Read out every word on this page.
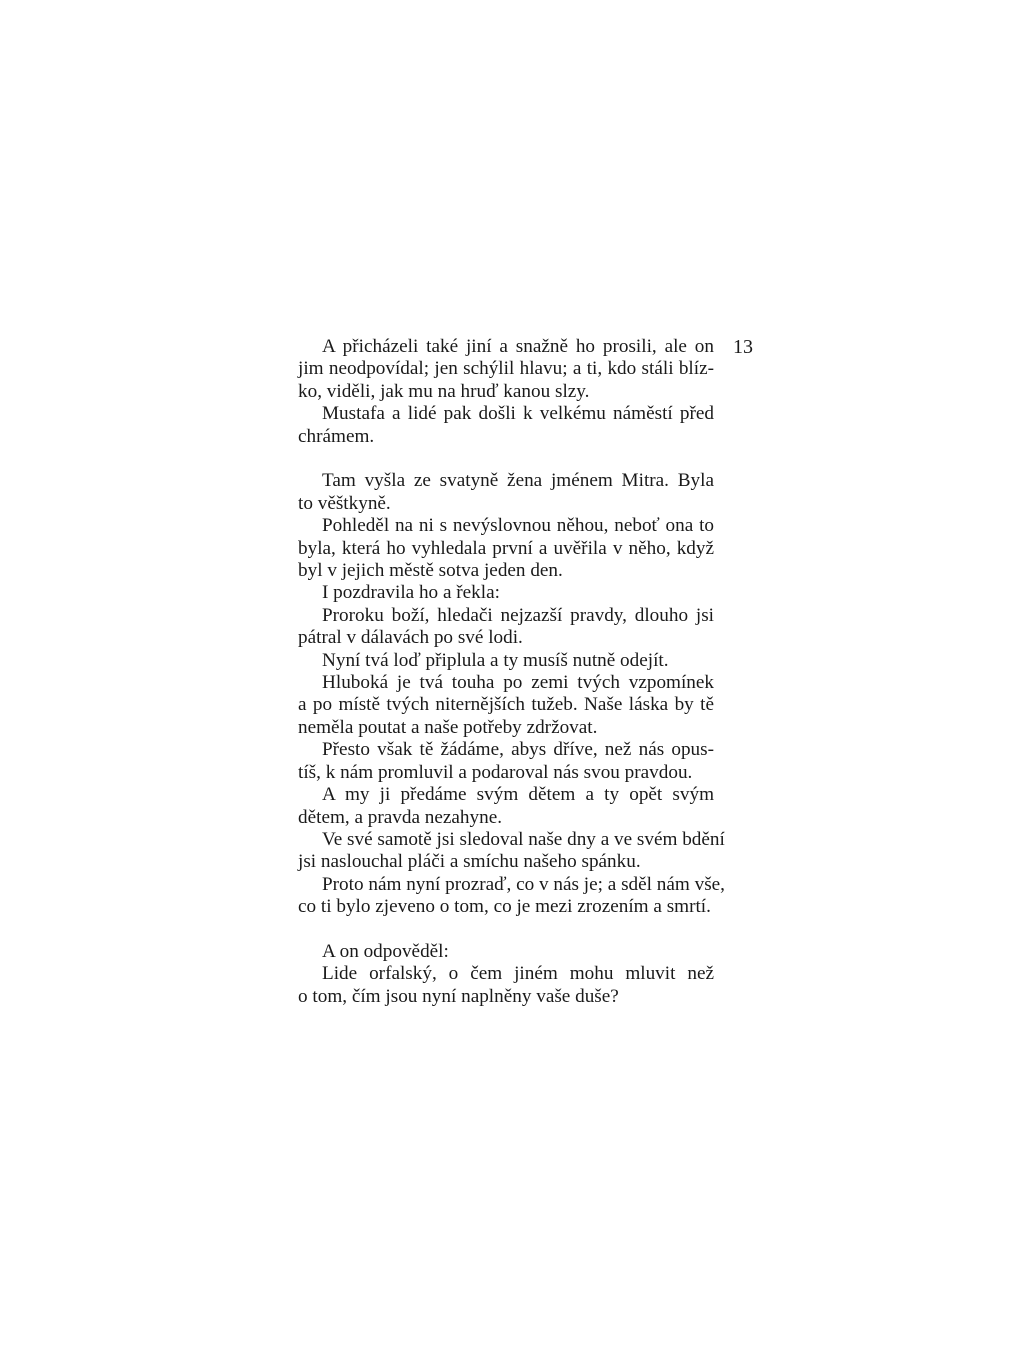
13

A přicházeli také jiní a snažně ho prosili, ale on
jim neodpovídal; jen schýlil hlavu; a ti, kdo stáli blíz-
ko, viděli, jak mu na hruď kanou slzy.

Mustafa a lidé pak došli k velkému náměstí před
chrámem.

Tam vyšla ze svatyně žena jménem Mitra. Byla
to věštkyně.

Pohleděl na ni s nevýslovnou něhou, neboť ona to
byla, která ho vyhledala první a uvěřila v něho, když
byl v jejich městě sotva jeden den.

I pozdravila ho a řekla:

Proroku boží, hledači nejzazší pravdy, dlouho jsi
pátral v dálavách po své lodi.

Nyní tvá loď připlula a ty musíš nutně odejít.

Hluboká je tvá touha po zemi tvých vzpomínek
a po místě tvých niternějších tužeb. Naše láska by tě
neměla poutat a naše potřeby zdržovat.

Přesto však tě žádáme, abys dříve, než nás opus-
tíš, k nám promluvil a podaroval nás svou pravdou.

A my ji předáme svým dětem a ty opět svým
dětem, a pravda nezahyne.

Ve své samotě jsi sledoval naše dny a ve svém bdění
jsi naslouchal pláči a smíchu našeho spánku.

Proto nám nyní prozraď, co v nás je; a sděl nám vše,
co ti bylo zjeveno o tom, co je mezi zrozením a smrtí.

A on odpověděl:

Lide orfalský, o čem jiném mohu mluvit než
o tom, čím jsou nyní naplněny vaše duše?
